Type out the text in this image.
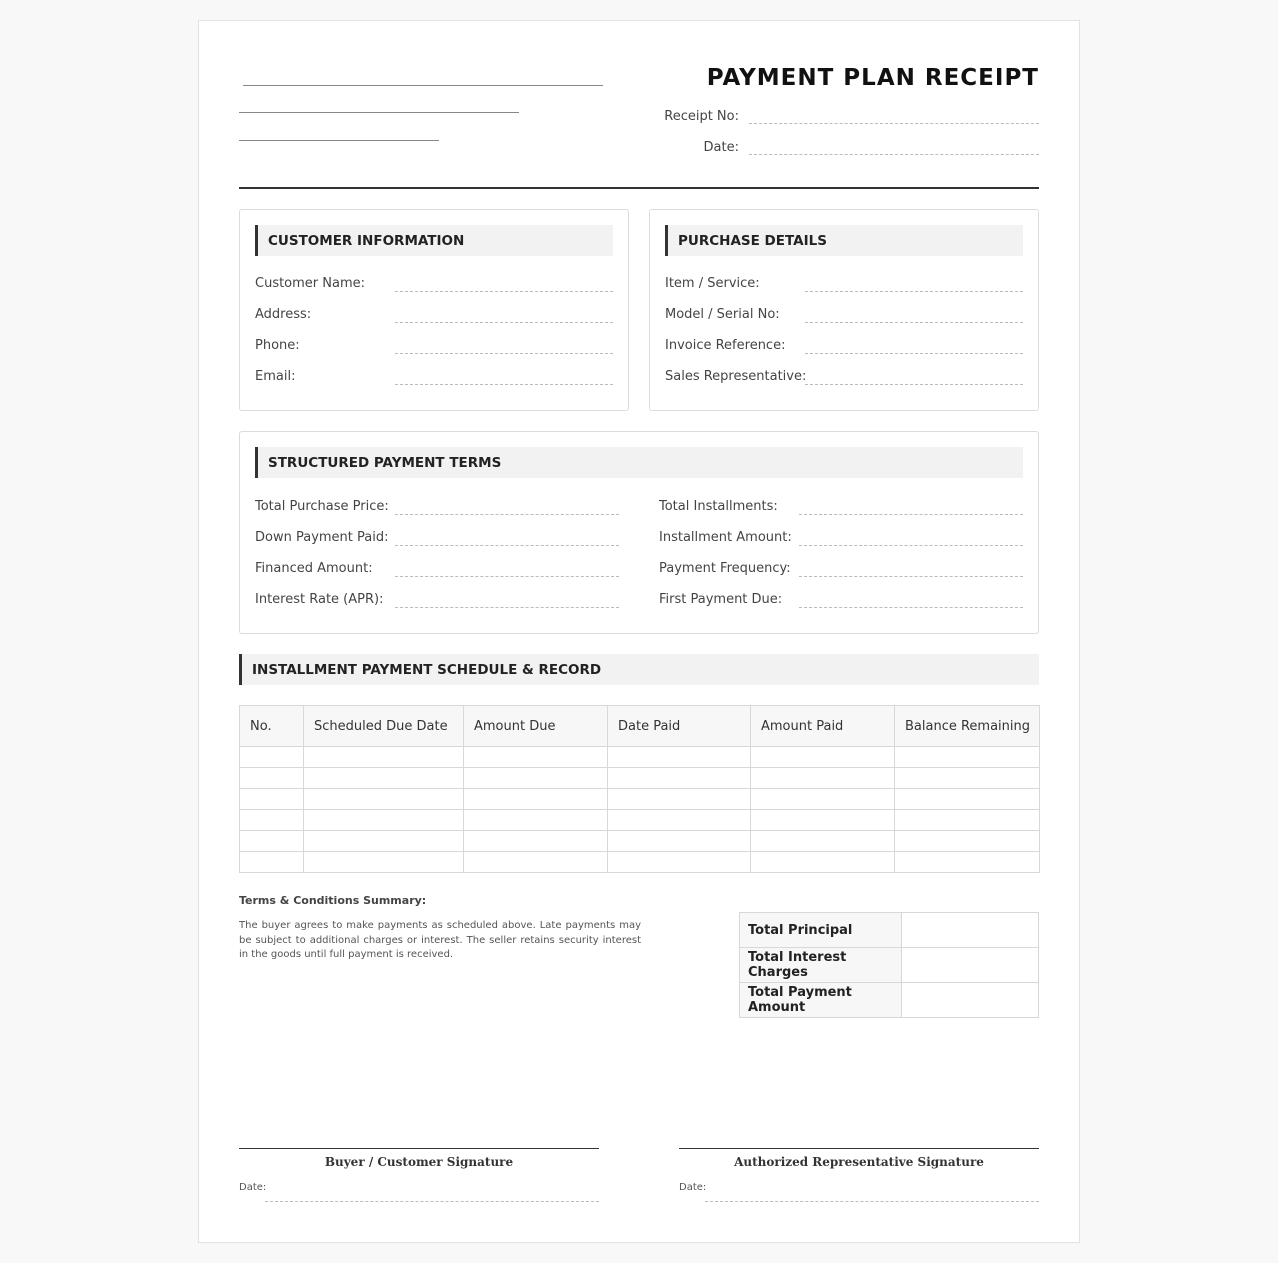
PAYMENT PLAN RECEIPT
Receipt No:
Date:
CUSTOMER INFORMATION
Customer Name:
Address:
Phone:
Email:
PURCHASE DETAILS
Item / Service:
Model / Serial No:
Invoice Reference:
Sales Representative:
STRUCTURED PAYMENT TERMS
Total Purchase Price:
Down Payment Paid:
Financed Amount:
Interest Rate (APR):
Total Installments:
Installment Amount:
Payment Frequency:
First Payment Due:
INSTALLMENT PAYMENT SCHEDULE & RECORD
No.	Scheduled Due Date	Amount Due	Date Paid	Amount Paid	Balance Remaining

Terms & Conditions Summary:
The buyer agrees to make payments as scheduled above. Late payments may be subject to additional charges or interest. The seller retains security interest in the goods until full payment is received.
Total Principal	
Total Interest Charges	
Total Payment Amount	
Buyer / Customer Signature
Date:
Authorized Representative Signature
Date:
